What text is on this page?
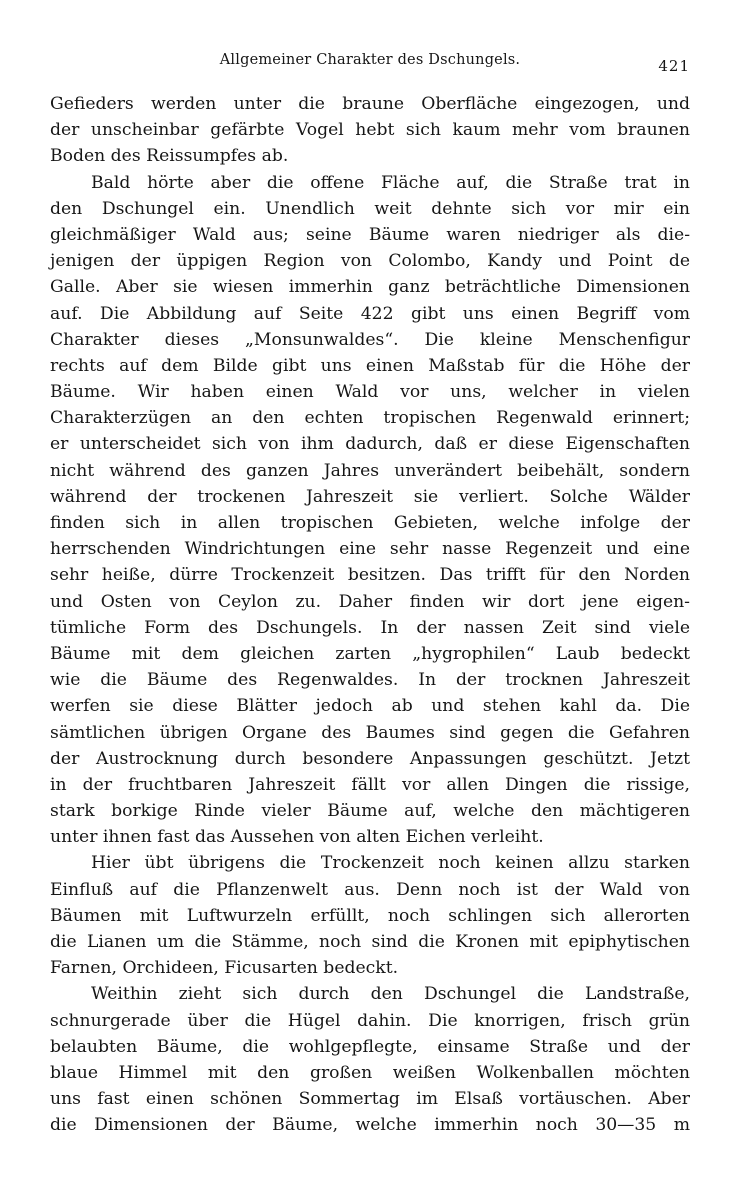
Allgemeiner Charakter des Dschungels.	421
Gefieders werden unter die braune Oberfläche eingezogen, und
der unscheinbar gefärbte Vogel hebt sich kaum mehr vom braunen
Boden des Reissumpfes ab.
Bald hörte aber die offene Fläche auf, die Straße trat in
den Dschungel ein. Unendlich weit dehnte sich vor mir ein
gleichmäßiger Wald aus; seine Bäume waren niedriger als die-
jenigen der üppigen Region von Colombo, Kandy und Point de
Galle. Aber sie wiesen immerhin ganz beträchtliche Dimensionen
auf. Die Abbildung auf Seite 422 gibt uns einen Begriff vom
Charakter dieses „Monsunwaldes“. Die kleine Menschenfigur
rechts auf dem Bilde gibt uns einen Maßstab für die Höhe der
Bäume. Wir haben einen Wald vor uns, welcher in vielen
Charakterzügen an den echten tropischen Regenwald erinnert;
er unterscheidet sich von ihm dadurch, daß er diese Eigenschaften
nicht während des ganzen Jahres unverändert beibehält, sondern
während der trockenen Jahreszeit sie verliert. Solche Wälder
finden sich in allen tropischen Gebieten, welche infolge der
herrschenden Windrichtungen eine sehr nasse Regenzeit und eine
sehr heiße, dürre Trockenzeit besitzen. Das trifft für den Norden
und Osten von Ceylon zu. Daher finden wir dort jene eigen-
tümliche Form des Dschungels. In der nassen Zeit sind viele
Bäume mit dem gleichen zarten „hygrophilen“ Laub bedeckt
wie die Bäume des Regenwaldes. In der trocknen Jahreszeit
werfen sie diese Blätter jedoch ab und stehen kahl da. Die
sämtlichen übrigen Organe des Baumes sind gegen die Gefahren
der Austrocknung durch besondere Anpassungen geschützt. Jetzt
in der fruchtbaren Jahreszeit fällt vor allen Dingen die rissige,
stark borkige Rinde vieler Bäume auf, welche den mächtigeren
unter ihnen fast das Aussehen von alten Eichen verleiht.
Hier übt übrigens die Trockenzeit noch keinen allzu starken
Einfluß auf die Pflanzenwelt aus. Denn noch ist der Wald von
Bäumen mit Luftwurzeln erfüllt, noch schlingen sich allerorten
die Lianen um die Stämme, noch sind die Kronen mit epiphytischen
Farnen, Orchideen, Ficusarten bedeckt.
Weithin zieht sich durch den Dschungel die Landstraße,
schnurgerade über die Hügel dahin. Die knorrigen, frisch grün
belaubten Bäume, die wohlgepflegte, einsame Straße und der
blaue Himmel mit den großen weißen Wolkenballen möchten
uns fast einen schönen Sommertag im Elsaß vortäuschen. Aber
die Dimensionen der Bäume, welche immerhin noch 30—35 m
